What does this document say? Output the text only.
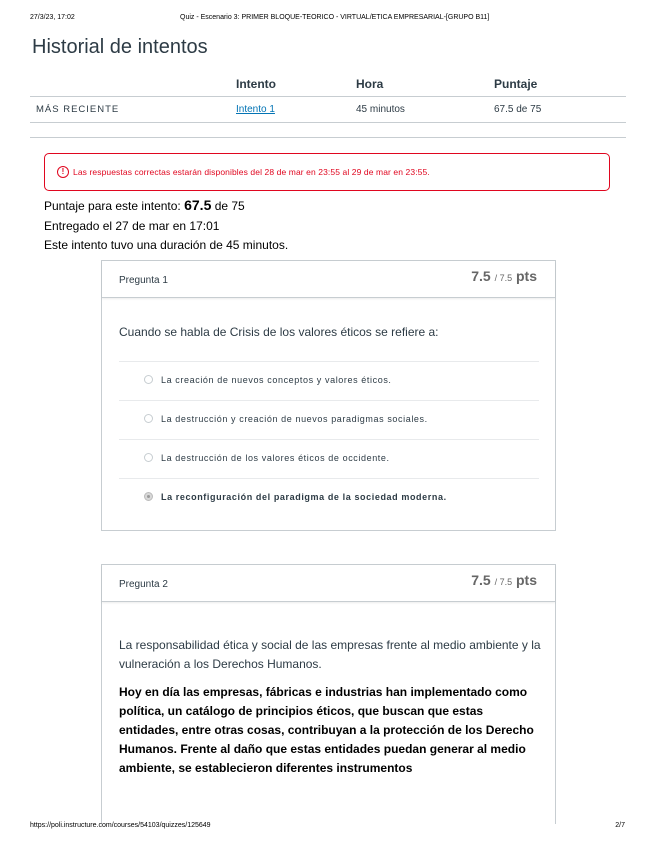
27/3/23, 17:02	Quiz - Escenario 3: PRIMER BLOQUE-TEORICO - VIRTUAL/ETICA EMPRESARIAL-[GRUPO B11]
Historial de intentos
	Intento	Hora	Puntaje
MÁS RECIENTE	Intento 1	45 minutos	67.5 de 75
!	Las respuestas correctas estarán disponibles del 28 de mar en 23:55 al 29 de mar en 23:55.
Puntaje para este intento: 67.5 de 75
Entregado el 27 de mar en 17:01
Este intento tuvo una duración de 45 minutos.
Pregunta 1	7.5 / 7.5 pts
Cuando se habla de Crisis de los valores éticos se refiere a:
La creación de nuevos conceptos y valores éticos.
La destrucción y creación de nuevos paradigmas sociales.
La destrucción de los valores éticos de occidente.
La reconfiguración del paradigma de la sociedad moderna.
Pregunta 2	7.5 / 7.5 pts
La responsabilidad ética y social de las empresas frente al medio ambiente y la vulneración a los Derechos Humanos.
Hoy en día las empresas, fábricas e industrias han implementado como política, un catálogo de principios éticos, que buscan que estas entidades, entre otras cosas, contribuyan a la protección de los Derecho Humanos. Frente al daño que estas entidades puedan generar al medio ambiente, se establecieron diferentes instrumentos
https://poli.instructure.com/courses/54103/quizzes/125649	2/7
